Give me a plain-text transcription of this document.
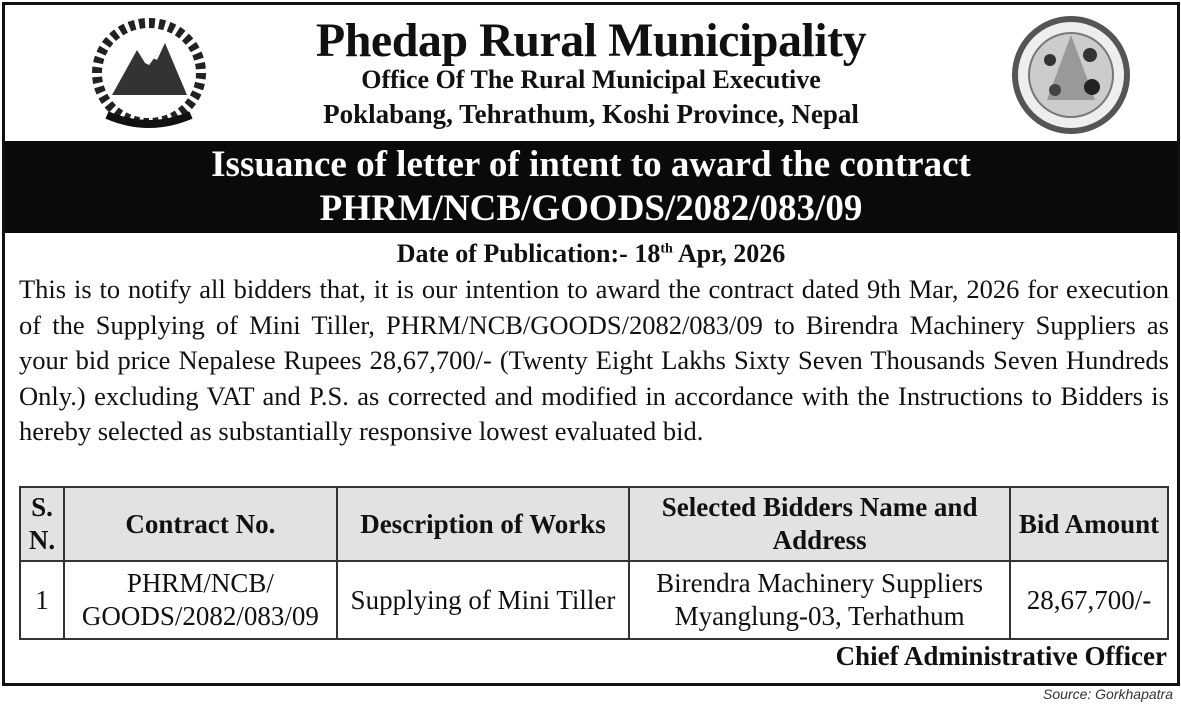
Phedap Rural Municipality
Office Of The Rural Municipal Executive
Poklabang, Tehrathum, Koshi Province, Nepal
Issuance of letter of intent to award the contract
PHRM/NCB/GOODS/2082/083/09
Date of Publication:- 18th Apr, 2026
This is to notify all bidders that, it is our intention to award the contract dated 9th Mar, 2026 for execution of the Supplying of Mini Tiller, PHRM/NCB/GOODS/2082/083/09 to Birendra Machinery Suppliers as your bid price Nepalese Rupees 28,67,700/- (Twenty Eight Lakhs Sixty Seven Thousands Seven Hundreds Only.) excluding VAT and P.S. as corrected and modified in accordance with the Instructions to Bidders is hereby selected as substantially responsive lowest evaluated bid.
S. N.	Contract No.	Description of Works	Selected Bidders Name and Address	Bid Amount
1	PHRM/NCB/ GOODS/2082/083/09	Supplying of Mini Tiller	Birendra Machinery Suppliers Myanglung-03, Terhathum	28,67,700/-
Chief Administrative Officer
Source: Gorkhapatra
